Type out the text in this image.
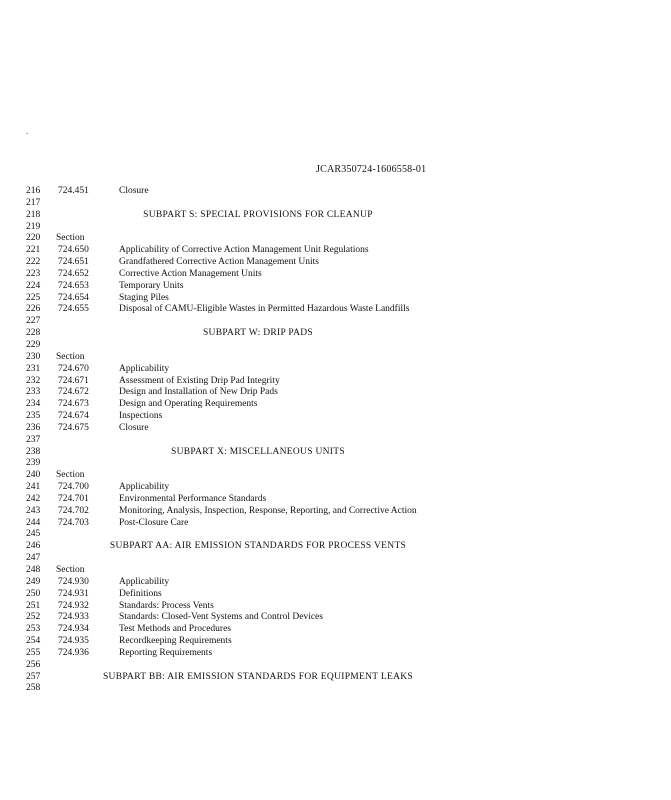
.
JCAR350724-1606558-01
216	724.451	Closure
217
218	SUBPART S: SPECIAL PROVISIONS FOR CLEANUP
219
220	Section
221	724.650	Applicability of Corrective Action Management Unit Regulations
222	724.651	Grandfathered Corrective Action Management Units
223	724.652	Corrective Action Management Units
224	724.653	Temporary Units
225	724.654	Staging Piles
226	724.655	Disposal of CAMU-Eligible Wastes in Permitted Hazardous Waste Landfills
227
228	SUBPART W: DRIP PADS
229
230	Section
231	724.670	Applicability
232	724.671	Assessment of Existing Drip Pad Integrity
233	724.672	Design and Installation of New Drip Pads
234	724.673	Design and Operating Requirements
235	724.674	Inspections
236	724.675	Closure
237
238	SUBPART X: MISCELLANEOUS UNITS
239
240	Section
241	724.700	Applicability
242	724.701	Environmental Performance Standards
243	724.702	Monitoring, Analysis, Inspection, Response, Reporting, and Corrective Action
244	724.703	Post-Closure Care
245
246	SUBPART AA: AIR EMISSION STANDARDS FOR PROCESS VENTS
247
248	Section
249	724.930	Applicability
250	724.931	Definitions
251	724.932	Standards: Process Vents
252	724.933	Standards: Closed-Vent Systems and Control Devices
253	724.934	Test Methods and Procedures
254	724.935	Recordkeeping Requirements
255	724.936	Reporting Requirements
256
257	SUBPART BB: AIR EMISSION STANDARDS FOR EQUIPMENT LEAKS
258
